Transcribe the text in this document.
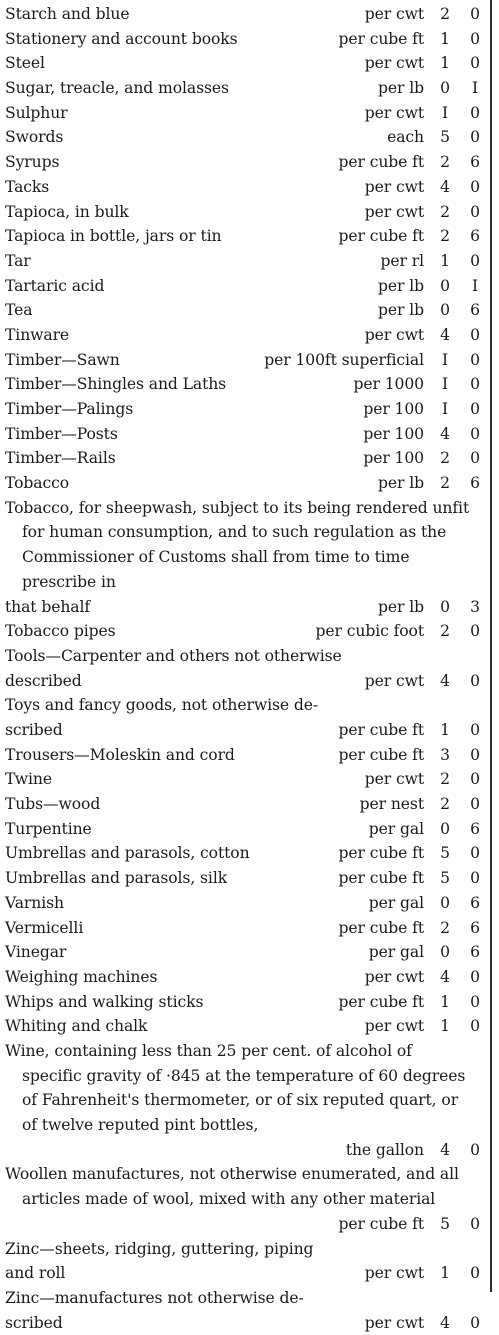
Starch and blue	per cwt 2 0
Stationery and account books	per cube ft 1 0
Steel	per cwt 1 0
Sugar, treacle, and molasses	per lb 0 I
Sulphur	per cwt I 0
Swords	each 5 0
Syrups	per cube ft 2 6
Tacks	per cwt 4 0
Tapioca, in bulk	per cwt 2 0
Tapioca in bottle, jars or tin	per cube ft 2 6
Tar	per rl 1 0
Tartaric acid	per lb 0 I
Tea	per lb 0 6
Tinware	per cwt 4 0
Timber—Sawn	per 100ft superficial I 0
Timber—Shingles and Laths	per 1000 I 0
Timber—Palings	per 100 I 0
Timber—Posts	per 100 4 0
Timber—Rails	per 100 2 0
Tobacco	per lb 2 6
Tobacco, for sheepwash, subject to its being rendered unfit for human consumption, and to such regulation as the Commissioner of Customs shall from time to time prescribe in
that behalf	per lb 0 3
Tobacco pipes	per cubic foot 2 0
Tools—Carpenter and others not otherwise
described	per cwt 4 0
Toys and fancy goods, not otherwise de-
scribed	per cube ft 1 0
Trousers—Moleskin and cord	per cube ft 3 0
Twine	per cwt 2 0
Tubs—wood	per nest 2 0
Turpentine	per gal 0 6
Umbrellas and parasols, cotton	per cube ft 5 0
Umbrellas and parasols, silk	per cube ft 5 0
Varnish	per gal 0 6
Vermicelli	per cube ft 2 6
Vinegar	per gal 0 6
Weighing machines	per cwt 4 0
Whips and walking sticks	per cube ft 1 0
Whiting and chalk	per cwt 1 0
Wine, containing less than 25 per cent. of alcohol of specific gravity of ·845 at the temperature of 60 degrees of Fahrenheit's thermometer, or of six reputed quart, or of twelve reputed pint bottles,
the gallon 4 0
Woollen manufactures, not otherwise enumerated, and all articles made of wool, mixed with any other material
per cube ft 5 0
Zinc—sheets, ridging, guttering, piping
and roll	per cwt 1 0
Zinc—manufactures not otherwise de-
scribed	per cwt 4 0
